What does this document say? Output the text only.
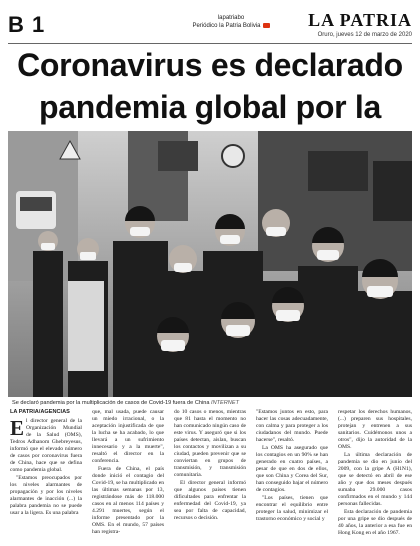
B 1	lapatriabo
Periódico la Patria Bolivia	LA PATRIA
Oruro, jueves 12 de marzo de 2020
Coronavirus es declarado
pandemia global por la
Se declaró pandemia por la multiplicación de casos de Covid-19 fuera de China INTERNET
LA PATRIA/AGENCIAS
E l director general de la Organización Mundial de la Salud (OMS), Tedros Adhanom Ghebreyesus, informó que el elevado número de casos por coronavirus fuera de China, hace que se defina como pandemia global.

"Estamos preocupados por los niveles alarmantes de propagación y por los niveles alarmantes de inacción (...) la palabra pandemia no se puede usar a la ligera. Es una palabra

que, mal usada, puede causar un miedo irracional, o la aceptación injustificada de que la lucha se ha acabado, lo que llevará a un sufrimiento innecesario y a la muerte", resaltó el director en la conferencia.

Fuera de China, el país donde inició el contagio del Covid-19, se ha multiplicado en las últimas semanas por 13, registrándose más de 118.000 casos en al menos 114 países y 4.291 muertes, según el informe presentado por la OMS. En el mundo, 57 países han registra-

do 10 casos o menos, mientras que 81 hasta el momento no han comunicado ningún caso de este virus. Y aseguró que si los países detectan, aislan, buscan los contactos y movilizan a su ciudad, pueden prevenir que se conviertan en grupos de transmisión, y transmisión comunitaria.

El director general informó que algunos países tienen dificultades para enfrentar la enfermedad del Covid-19, ya sea por falta de capacidad, recursos o decisión.

"Estamos juntos en esto, para hacer las cosas adecuadamente, con calma y para proteger a los ciudadanos del mundo. Puede hacerse", resaltó.

La OMS ha asegurado que los contagios en un 90% se han generado en cuatro países, a pesar de que en dos de ellos, que son China y Corea del Sur, han conseguido bajar el número de contagios.

"Los países, tienen que encontrar el equilibrio entre proteger la salud, minimizar el trastorno económico y social y

respetar los derechos humanos, (...) preparen sus hospitales, protejan y entrenen a sus sanitarios. Cuidémonos unos a otros", dijo la autoridad de la OMS.

La última declaración de pandemia se dio en junio del 2009, con la gripe A (H1N1), que se detectó en abril de ese año y que dos meses después sumaba 29.000 casos confirmados en el mundo y 144 personas fallecidas.

Esta declaración de pandemia por una gripe se dio después de 40 años, la anterior a esa fue en Hong Kong en el año 1967.
